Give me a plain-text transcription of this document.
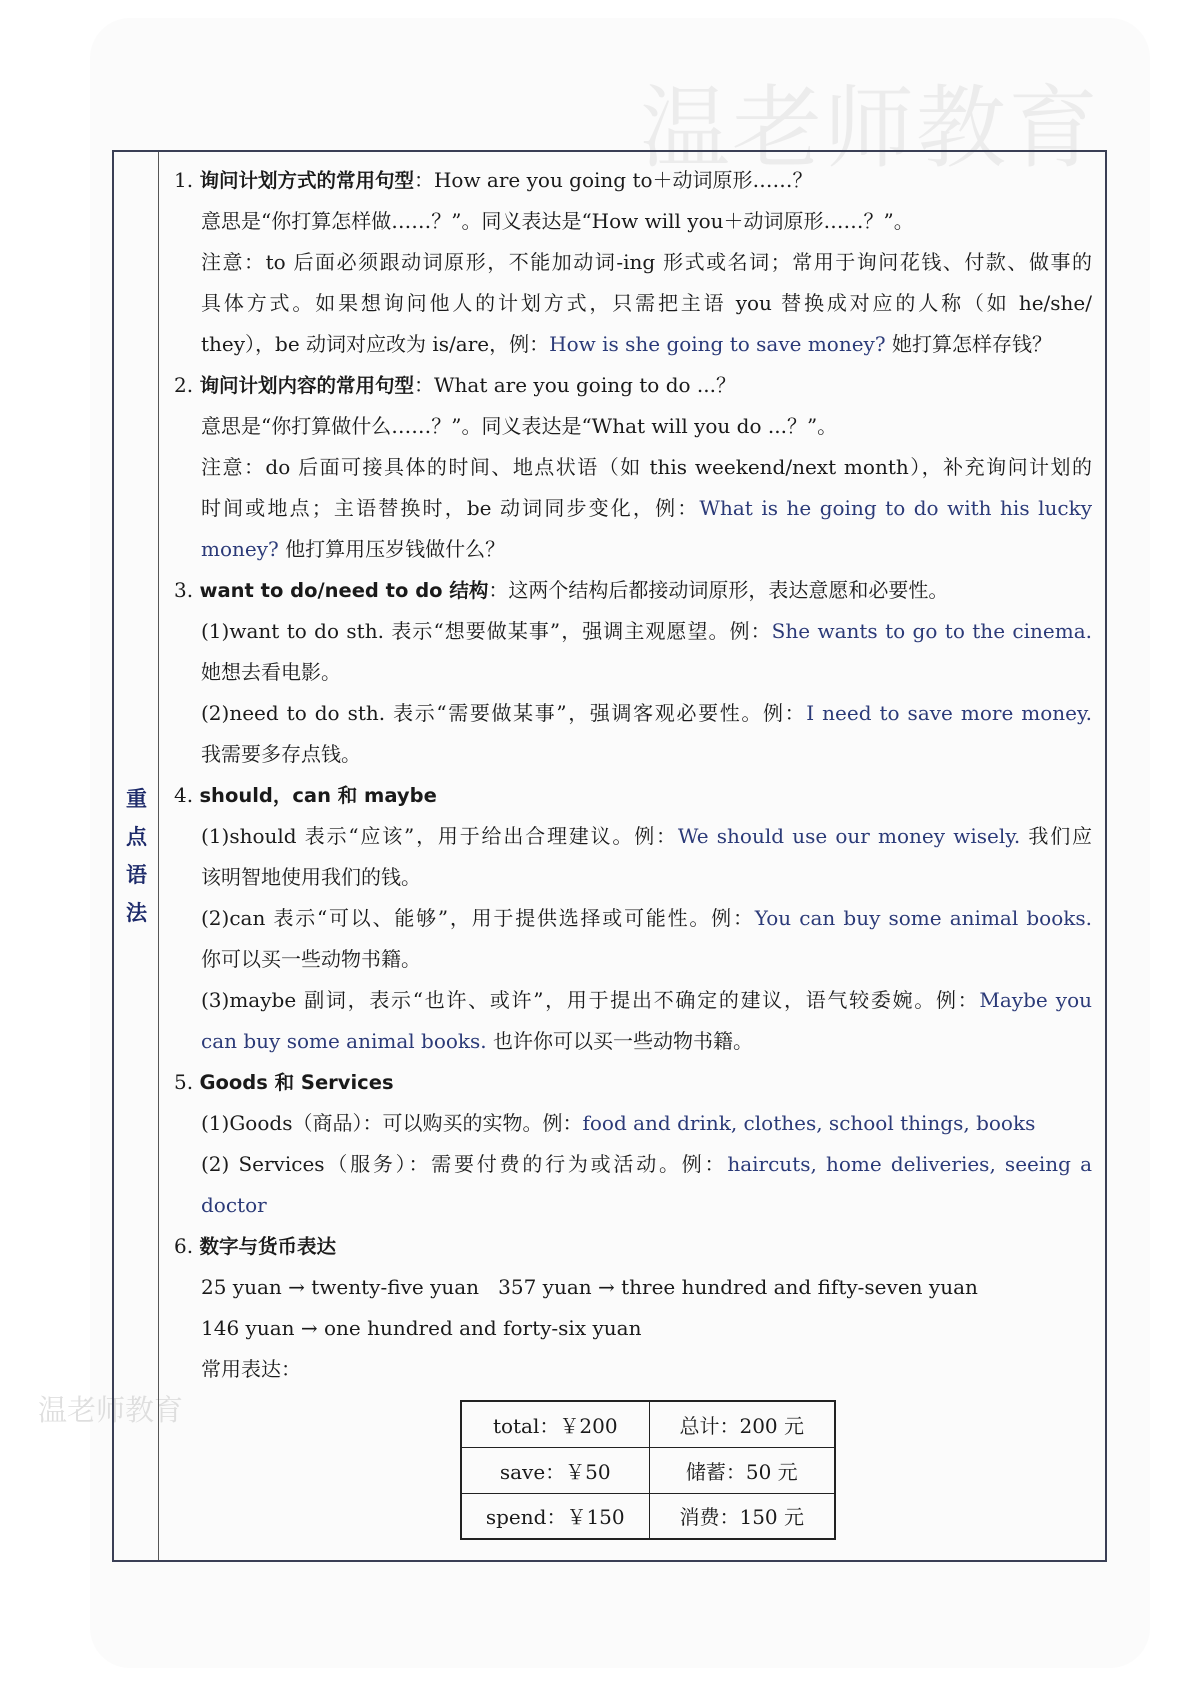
温老师教育
温老师教育
重
点
语
法
1. 询问计划方式的常用句型：How are you going to＋动词原形……？
意思是“你打算怎样做……？”。同义表达是“How will you＋动词原形……？”。
注意：to 后面必须跟动词原形，不能加动词-ing 形式或名词；常用于询问花钱、付款、做事的
具体方式。如果想询问他人的计划方式，只需把主语 you 替换成对应的人称（如 he/she/
they），be 动词对应改为 is/are，例：How is she going to save money? 她打算怎样存钱？
2. 询问计划内容的常用句型：What are you going to do ...？
意思是“你打算做什么……？”。同义表达是“What will you do ...？”。
注意：do 后面可接具体的时间、地点状语（如 this weekend/next month），补充询问计划的
时间或地点；主语替换时，be 动词同步变化，例：What is he going to do with his lucky
money? 他打算用压岁钱做什么？
3. want to do/need to do 结构：这两个结构后都接动词原形，表达意愿和必要性。
(1)want to do sth. 表示“想要做某事”，强调主观愿望。例：She wants to go to the cinema.
她想去看电影。
(2)need to do sth. 表示“需要做某事”，强调客观必要性。例：I need to save more money.
我需要多存点钱。
4. should，can 和 maybe
(1)should 表示“应该”，用于给出合理建议。例：We should use our money wisely. 我们应
该明智地使用我们的钱。
(2)can 表示“可以、能够”，用于提供选择或可能性。例：You can buy some animal books.
你可以买一些动物书籍。
(3)maybe 副词，表示“也许、或许”，用于提出不确定的建议，语气较委婉。例：Maybe you
can buy some animal books. 也许你可以买一些动物书籍。
5. Goods 和 Services
(1)Goods（商品）：可以购买的实物。例：food and drink, clothes, school things, books
(2) Services（服务）：需要付费的行为或活动。例：haircuts, home deliveries, seeing a
doctor
6. 数字与货币表达
25 yuan → twenty-five yuan   357 yuan → three hundred and fifty-seven yuan
146 yuan → one hundred and forty-six yuan
常用表达：
total：￥200	总计：200 元
save：￥50	储蓄：50 元
spend：￥150	消费：150 元
